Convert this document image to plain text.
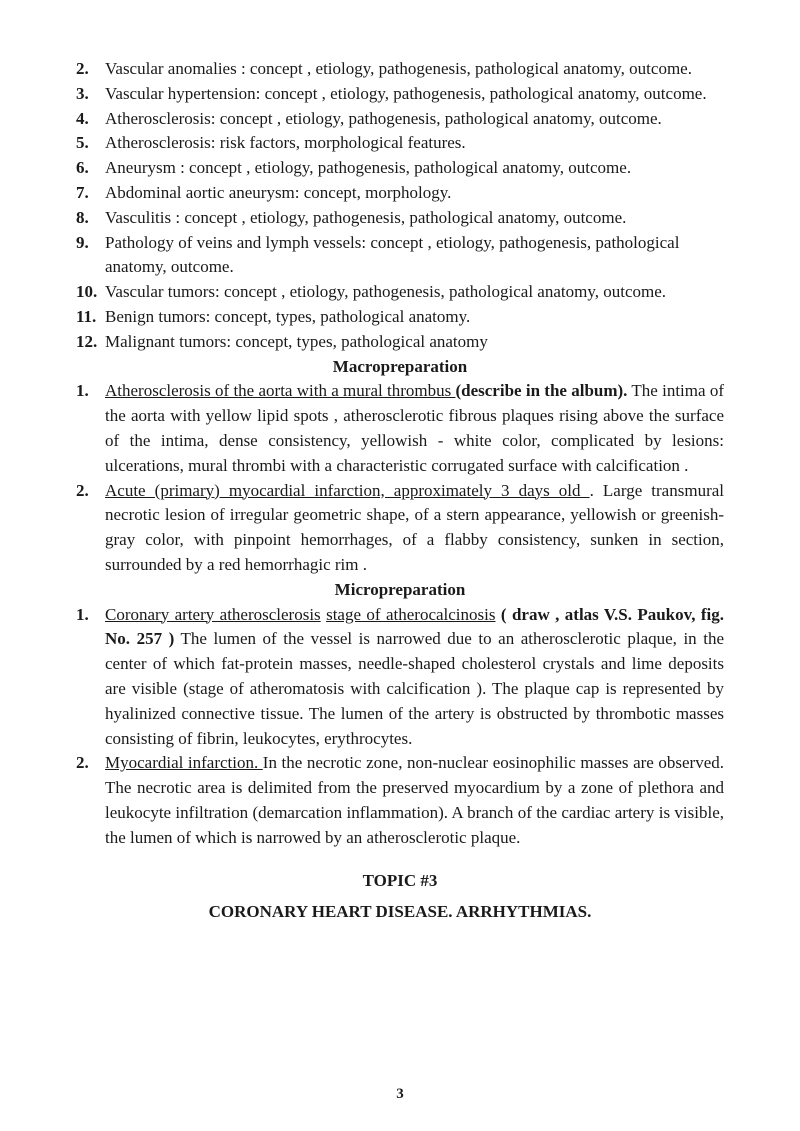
2. Vascular anomalies : concept , etiology, pathogenesis, pathological anatomy, outcome.
3. Vascular hypertension: concept , etiology, pathogenesis, pathological anatomy, outcome.
4. Atherosclerosis: concept , etiology, pathogenesis, pathological anatomy, outcome.
5. Atherosclerosis: risk factors, morphological features.
6. Aneurysm : concept , etiology, pathogenesis, pathological anatomy, outcome.
7. Abdominal aortic aneurysm: concept, morphology.
8. Vasculitis : concept , etiology, pathogenesis, pathological anatomy, outcome.
9. Pathology of veins and lymph vessels: concept , etiology, pathogenesis, pathological anatomy, outcome.
10. Vascular tumors: concept , etiology, pathogenesis, pathological anatomy, outcome.
11. Benign tumors: concept, types, pathological anatomy.
12. Malignant tumors: concept, types, pathological anatomy

Macropreparation

1. Atherosclerosis of the aorta with a mural thrombus (describe in the album). The intima of the aorta with yellow lipid spots , atherosclerotic fibrous plaques rising above the surface of the intima, dense consistency, yellowish - white color, complicated by lesions: ulcerations, mural thrombi with a characteristic corrugated surface with calcification .
2. Acute (primary) myocardial infarction, approximately 3 days old . Large transmural necrotic lesion of irregular geometric shape, of a stern appearance, yellowish or greenish-gray color, with pinpoint hemorrhages, of a flabby consistency, sunken in section, surrounded by a red hemorrhagic rim .

Micropreparation

1. Coronary artery atherosclerosis stage of atherocalcinosis ( draw , atlas V.S. Paukov, fig. No. 257 ) The lumen of the vessel is narrowed due to an atherosclerotic plaque, in the center of which fat-protein masses, needle-shaped cholesterol crystals and lime deposits are visible (stage of atheromatosis with calcification ). The plaque cap is represented by hyalinized connective tissue. The lumen of the artery is obstructed by thrombotic masses consisting of fibrin, leukocytes, erythrocytes.
2. Myocardial infarction. In the necrotic zone, non-nuclear eosinophilic masses are observed. The necrotic area is delimited from the preserved myocardium by a zone of plethora and leukocyte infiltration (demarcation inflammation). A branch of the cardiac artery is visible, the lumen of which is narrowed by an atherosclerotic plaque.

TOPIC #3

CORONARY HEART DISEASE. ARRHYTHMIAS.

3
